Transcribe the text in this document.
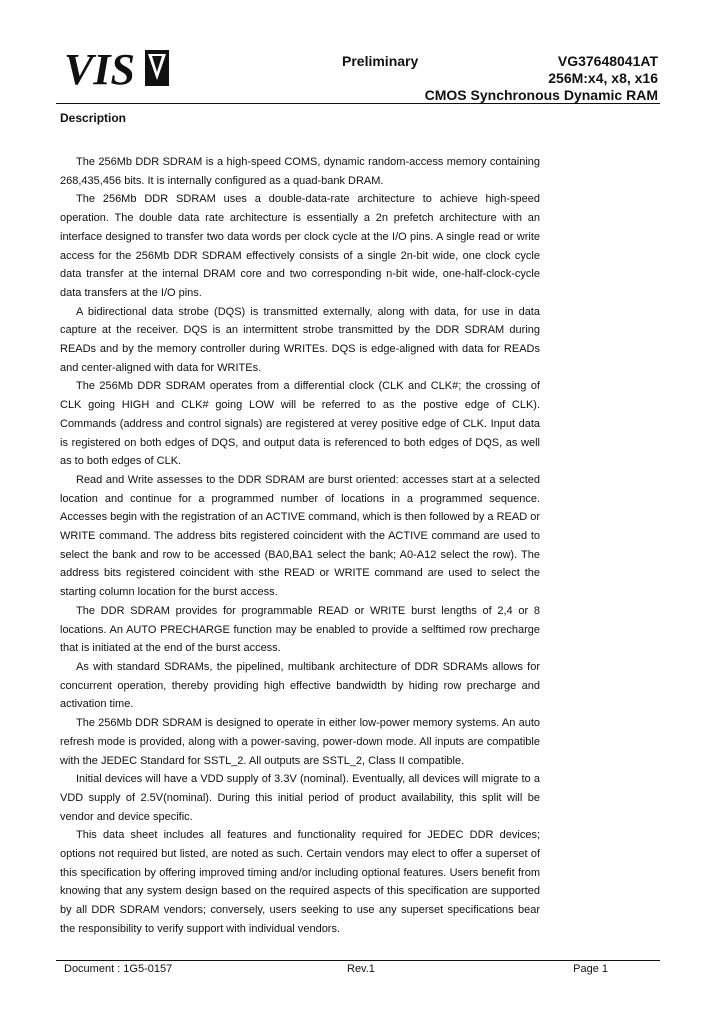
VIS	Preliminary	VG37648041AT
256M:x4, x8, x16
CMOS Synchronous Dynamic RAM
Description

The 256Mb DDR SDRAM is a high-speed COMS, dynamic random-access memory containing 268,435,456 bits. It is internally configured as a quad-bank DRAM.

The 256Mb DDR SDRAM uses a double-data-rate architecture to achieve high-speed operation. The double data rate architecture is essentially a 2n prefetch architecture with an interface designed to transfer two data words per clock cycle at the I/O pins. A single read or write access for the 256Mb DDR SDRAM effectively consists of a single 2n-bit wide, one clock cycle data transfer at the internal DRAM core and two corresponding n-bit wide, one-half-clock-cycle data transfers at the I/O pins.

A bidirectional data strobe (DQS) is transmitted externally, along with data, for use in data capture at the receiver. DQS is an intermittent strobe transmitted by the DDR SDRAM during READs and by the memory controller during WRITEs. DQS is edge-aligned with data for READs and center-aligned with data for WRITEs.

The 256Mb DDR SDRAM operates from a differential clock (CLK and CLK#; the crossing of CLK going HIGH and CLK# going LOW will be referred to as the postive edge of CLK). Commands (address and control signals) are registered at verey positive edge of CLK. Input data is registered on both edges of DQS, and output data is referenced to both edges of DQS, as well as to both edges of CLK.

Read and Write assesses to the DDR SDRAM are burst oriented: accesses start at a selected location and continue for a programmed number of locations in a programmed sequence. Accesses begin with the registration of an ACTIVE command, which is then followed by a READ or WRITE command. The address bits registered coincident with the ACTIVE command are used to select the bank and row to be accessed (BA0,BA1 select the bank; A0-A12 select the row). The address bits registered coincident with sthe READ or WRITE command are used to select the starting column location for the burst access.

The DDR SDRAM provides for programmable READ or WRITE burst lengths of 2,4 or 8 locations. An AUTO PRECHARGE function may be enabled to provide a selftimed row precharge that is initiated at the end of the burst access.

As with standard SDRAMs, the pipelined, multibank architecture of DDR SDRAMs allows for concurrent operation, thereby providing high effective bandwidth by hiding row precharge and activation time.

The 256Mb DDR SDRAM is designed to operate in either low-power memory systems. An auto refresh mode is provided, along with a power-saving, power-down mode. All inputs are compatible with the JEDEC Standard for SSTL_2. All outputs are SSTL_2, Class II compatible.

Initial devices will have a VDD supply of 3.3V (nominal). Eventually, all devices will migrate to a VDD supply of 2.5V(nominal). During this initial period of product availability, this split will be vendor and device specific.

This data sheet includes all features and functionality required for JEDEC DDR devices; options not required but listed, are noted as such. Certain vendors may elect to offer a superset of this specification by offering improved timing and/or including optional features. Users benefit from knowing that any system design based on the required aspects of this specification are supported by all DDR SDRAM vendors; conversely, users seeking to use any superset specifications bear the responsibility to verify support with individual vendors.

Document : 1G5-0157	Rev.1	Page 1
